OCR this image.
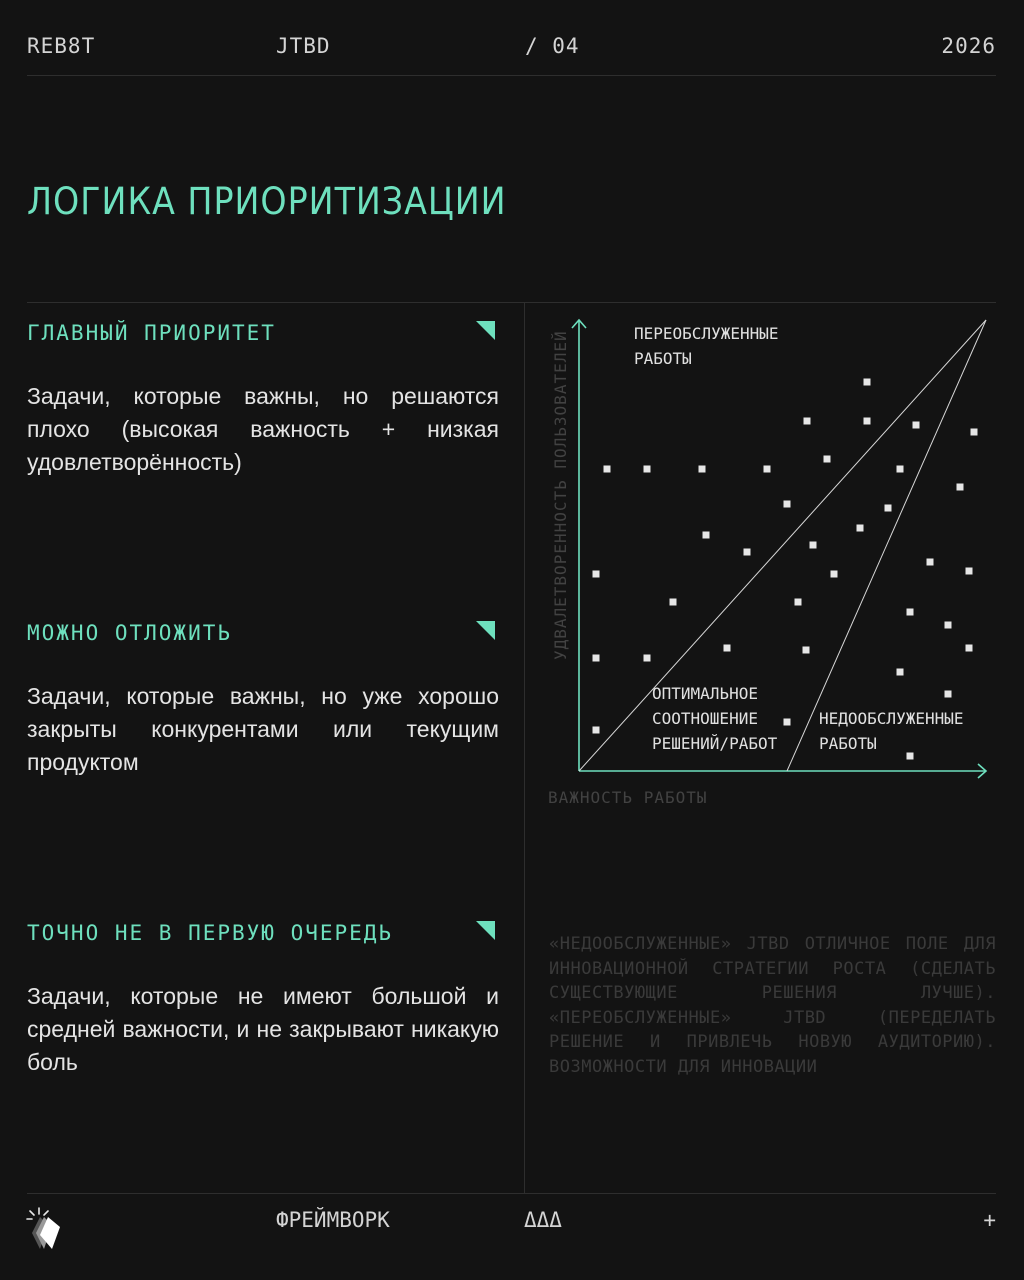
REB8T	JTBD	/ 04	2026
ЛОГИКА ПРИОРИТИЗАЦИИ
ГЛАВНЫЙ ПРИОРИТЕТ

Задачи, которые важны, но решаются плохо (высокая важность + низкая удовлетворённость)

МОЖНО ОТЛОЖИТЬ

Задачи, которые важны, но уже хорошо закрыты конкурентами или текущим продуктом

ТОЧНО НЕ В ПЕРВУЮ ОЧЕРЕДЬ

Задачи, которые не имеют большой и средней важности, и не закрывают никакую боль

УДВАЛЕТВОРЕННОСТЬ ПОЛЬЗОВАТЕЛЕЙ
ВАЖНОСТЬ РАБОТЫ
ПЕРЕОБСЛУЖЕННЫЕ РАБОТЫ
ОПТИМАЛЬНОЕ СООТНОШЕНИЕ РЕШЕНИЙ/РАБОТ
НЕДООБСЛУЖЕННЫЕ РАБОТЫ

«НЕДООБСЛУЖЕННЫЕ» JTBD ОТЛИЧНОЕ ПОЛЕ ДЛЯ ИННОВАЦИОННОЙ СТРАТЕГИИ РОСТА (СДЕЛАТЬ СУЩЕСТВУЮЩИЕ РЕШЕНИЯ ЛУЧШЕ). «ПЕРЕОБСЛУЖЕННЫЕ» JTBD (ПЕРЕДЕЛАТЬ РЕШЕНИЕ И ПРИВЛЕЧЬ НОВУЮ АУДИТОРИЮ). ВОЗМОЖНОСТИ ДЛЯ ИННОВАЦИИ

ФРЕЙМВОРК	ΔΔΔ	+
